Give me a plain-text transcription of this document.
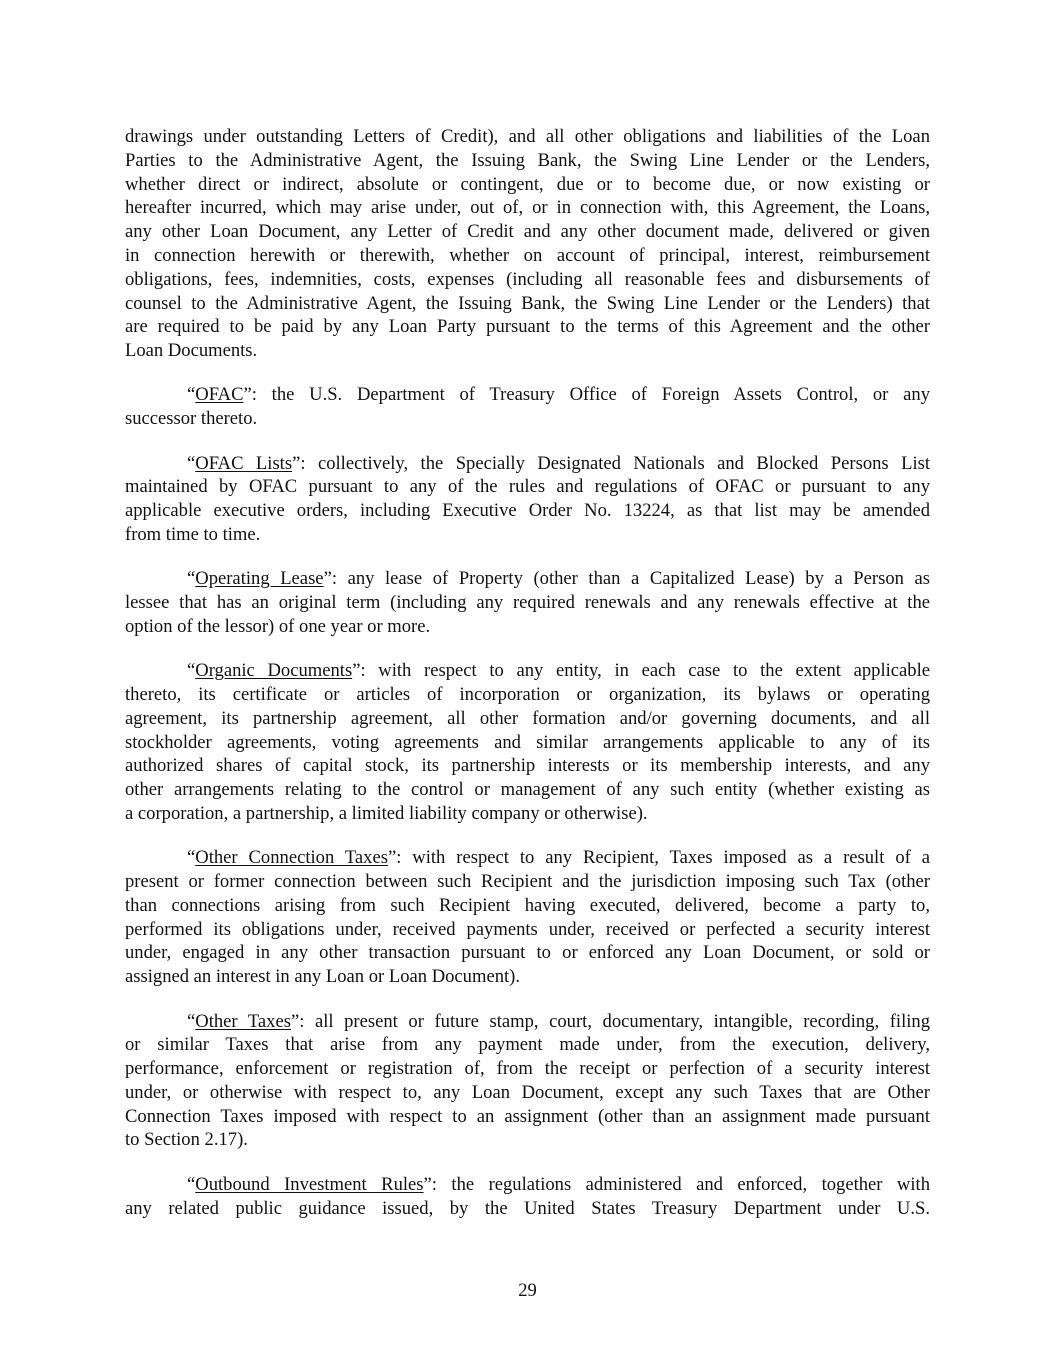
drawings under outstanding Letters of Credit), and all other obligations and liabilities of the Loan
Parties to the Administrative Agent, the Issuing Bank, the Swing Line Lender or the Lenders,
whether direct or indirect, absolute or contingent, due or to become due, or now existing or
hereafter incurred, which may arise under, out of, or in connection with, this Agreement, the Loans,
any other Loan Document, any Letter of Credit and any other document made, delivered or given
in connection herewith or therewith, whether on account of principal, interest, reimbursement
obligations, fees, indemnities, costs, expenses (including all reasonable fees and disbursements of
counsel to the Administrative Agent, the Issuing Bank, the Swing Line Lender or the Lenders) that
are required to be paid by any Loan Party pursuant to the terms of this Agreement and the other
Loan Documents.
“OFAC”: the U.S. Department of Treasury Office of Foreign Assets Control, or any
successor thereto.
“OFAC Lists”: collectively, the Specially Designated Nationals and Blocked Persons List
maintained by OFAC pursuant to any of the rules and regulations of OFAC or pursuant to any
applicable executive orders, including Executive Order No. 13224, as that list may be amended
from time to time.
“Operating Lease”: any lease of Property (other than a Capitalized Lease) by a Person as
lessee that has an original term (including any required renewals and any renewals effective at the
option of the lessor) of one year or more.
“Organic Documents”: with respect to any entity, in each case to the extent applicable
thereto, its certificate or articles of incorporation or organization, its bylaws or operating
agreement, its partnership agreement, all other formation and/or governing documents, and all
stockholder agreements, voting agreements and similar arrangements applicable to any of its
authorized shares of capital stock, its partnership interests or its membership interests, and any
other arrangements relating to the control or management of any such entity (whether existing as
a corporation, a partnership, a limited liability company or otherwise).
“Other Connection Taxes”: with respect to any Recipient, Taxes imposed as a result of a
present or former connection between such Recipient and the jurisdiction imposing such Tax (other
than connections arising from such Recipient having executed, delivered, become a party to,
performed its obligations under, received payments under, received or perfected a security interest
under, engaged in any other transaction pursuant to or enforced any Loan Document, or sold or
assigned an interest in any Loan or Loan Document).
“Other Taxes”: all present or future stamp, court, documentary, intangible, recording, filing
or similar Taxes that arise from any payment made under, from the execution, delivery,
performance, enforcement or registration of, from the receipt or perfection of a security interest
under, or otherwise with respect to, any Loan Document, except any such Taxes that are Other
Connection Taxes imposed with respect to an assignment (other than an assignment made pursuant
to Section 2.17).
“Outbound Investment Rules”: the regulations administered and enforced, together with
any related public guidance issued, by the United States Treasury Department under U.S.
29
